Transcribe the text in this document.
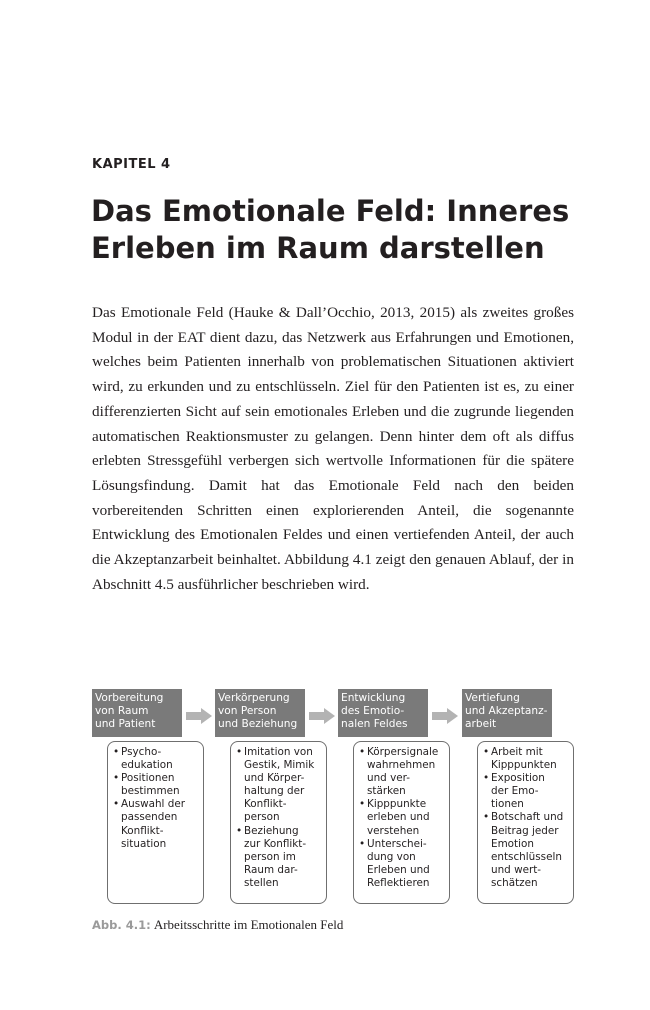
KAPITEL 4
Das Emotionale Feld: Inneres
Erleben im Raum darstellen

Das Emotionale Feld (Hauke & Dall’Occhio, 2013, 2015) als zweites großes Modul in der EAT dient dazu, das Netzwerk aus Erfahrungen und Emotionen, welches beim Patienten innerhalb von problematischen Situationen aktiviert wird, zu erkunden und zu entschlüsseln. Ziel für den Patienten ist es, zu einer differenzierten Sicht auf sein emotionales Erleben und die zugrunde liegenden automatischen Reaktionsmuster zu gelangen. Denn hinter dem oft als diffus erlebten Stressgefühl verbergen sich wertvolle Informationen für die spätere Lösungsfindung. Damit hat das Emotionale Feld nach den beiden vorbereitenden Schritten einen explorierenden Anteil, die sogenannte Entwicklung des Emotionalen Feldes und einen vertiefenden Anteil, der auch die Akzeptanzarbeit beinhaltet. Abbildung 4.1 zeigt den genauen Ablauf, der in Abschnitt 4.5 ausführlicher beschrieben wird.

Vorbereitung
von Raum
und Patient
• Psycho-
edukation
• Positionen
bestimmen
• Auswahl der
passenden
Konflikt-
situation
Verkörperung
von Person
und Beziehung
• Imitation von
Gestik, Mimik
und Körper-
haltung der
Konflikt-
person
• Beziehung
zur Konflikt-
person im
Raum dar-
stellen
Entwicklung
des Emotio-
nalen Feldes
• Körpersignale
wahrnehmen
und ver-
stärken
• Kipppunkte
erleben und
verstehen
• Unterschei-
dung von
Erleben und
Reflektieren
Vertiefung
und Akzeptanz-
arbeit
• Arbeit mit
Kipppunkten
• Exposition
der Emo-
tionen
• Botschaft und
Beitrag jeder
Emotion
entschlüsseln
und wert-
schätzen
Abb. 4.1: Arbeitsschritte im Emotionalen Feld
